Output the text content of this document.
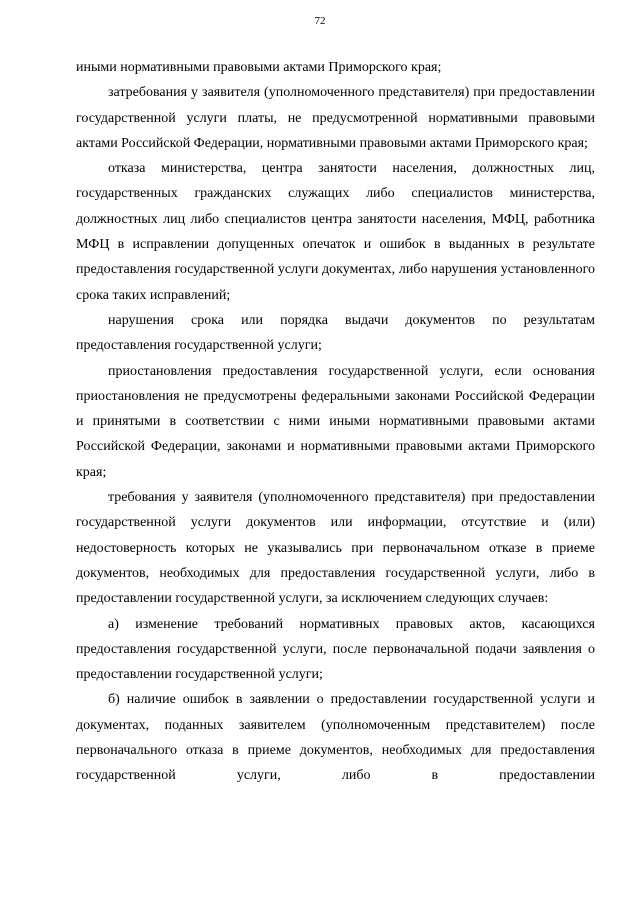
72

иными нормативными правовыми актами Приморского края;

затребования у заявителя (уполномоченного представителя) при предоставлении государственной услуги платы, не предусмотренной нормативными правовыми актами Российской Федерации, нормативными правовыми актами Приморского края;

отказа министерства, центра занятости населения, должностных лиц, государственных гражданских служащих либо специалистов министерства, должностных лиц либо специалистов центра занятости населения, МФЦ, работника МФЦ в исправлении допущенных опечаток и ошибок в выданных в результате предоставления государственной услуги документах, либо нарушения установленного срока таких исправлений;

нарушения срока или порядка выдачи документов по результатам предоставления государственной услуги;

приостановления предоставления государственной услуги, если основания приостановления не предусмотрены федеральными законами Российской Федерации и принятыми в соответствии с ними иными нормативными правовыми актами Российской Федерации, законами и нормативными правовыми актами Приморского края;

требования у заявителя (уполномоченного представителя) при предоставлении государственной услуги документов или информации, отсутствие и (или) недостоверность которых не указывались при первоначальном отказе в приеме документов, необходимых для предоставления государственной услуги, либо в предоставлении государственной услуги, за исключением следующих случаев:

а) изменение требований нормативных правовых актов, касающихся предоставления государственной услуги, после первоначальной подачи заявления о предоставлении государственной услуги;

б) наличие ошибок в заявлении о предоставлении государственной услуги и документах, поданных заявителем (уполномоченным представителем) после первоначального отказа в приеме документов, необходимых для предоставления государственной услуги, либо в предоставлении
